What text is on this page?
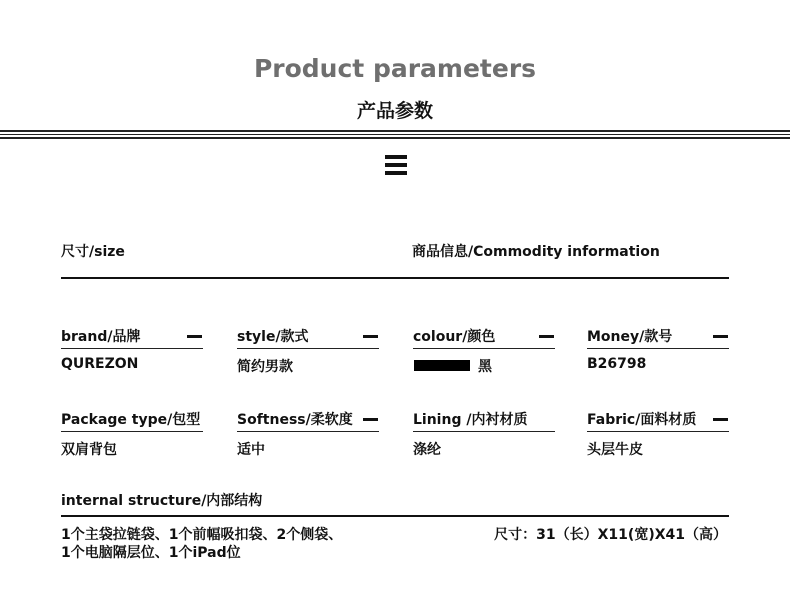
Product parameters
产品参数
尺寸/size	商品信息/Commodity information
brand/品牌
QUREZON
style/款式
简约男款
colour/颜色
黑
Money/款号
B26798
Package type/包型
双肩背包
Softness/柔软度
适中
Lining /内衬材质
涤纶
Fabric/面料材质
头层牛皮
internal structure/内部结构
1个主袋拉链袋、1个前幅吸扣袋、2个侧袋、
1个电脑隔层位、1个iPad位
尺寸：31（长）X11(宽)X41（高）
